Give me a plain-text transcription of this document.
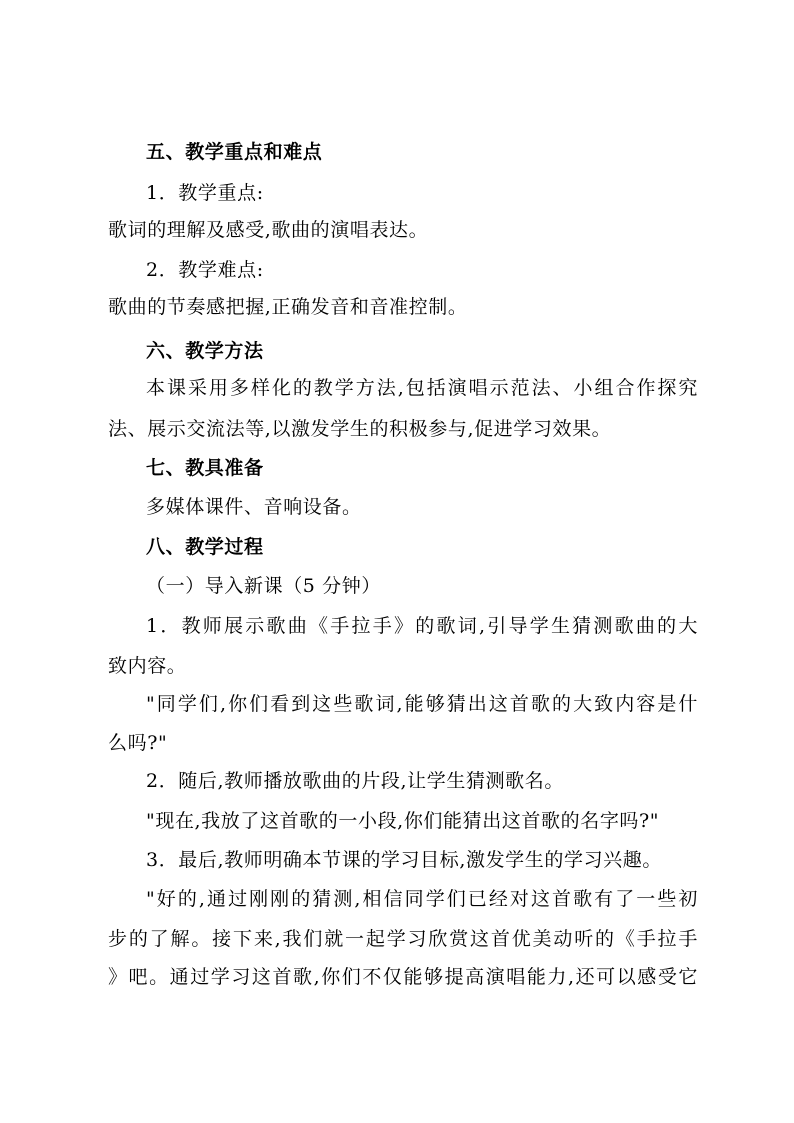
五、教学重点和难点
1．教学重点:
歌词的理解及感受,歌曲的演唱表达。
2．教学难点:
歌曲的节奏感把握,正确发音和音准控制。
六、教学方法
本课采用多样化的教学方法,包括演唱示范法、小组合作探究
法、展示交流法等,以激发学生的积极参与,促进学习效果。
七、教具准备
多媒体课件、音响设备。
八、教学过程
（一）导入新课（5 分钟）
1．教师展示歌曲《手拉手》的歌词,引导学生猜测歌曲的大
致内容。
"同学们,你们看到这些歌词,能够猜出这首歌的大致内容是什
么吗?"
2．随后,教师播放歌曲的片段,让学生猜测歌名。
"现在,我放了这首歌的一小段,你们能猜出这首歌的名字吗?"
3．最后,教师明确本节课的学习目标,激发学生的学习兴趣。
"好的,通过刚刚的猜测,相信同学们已经对这首歌有了一些初
步的了解。接下来,我们就一起学习欣赏这首优美动听的《手拉手
》吧。通过学习这首歌,你们不仅能够提高演唱能力,还可以感受它
